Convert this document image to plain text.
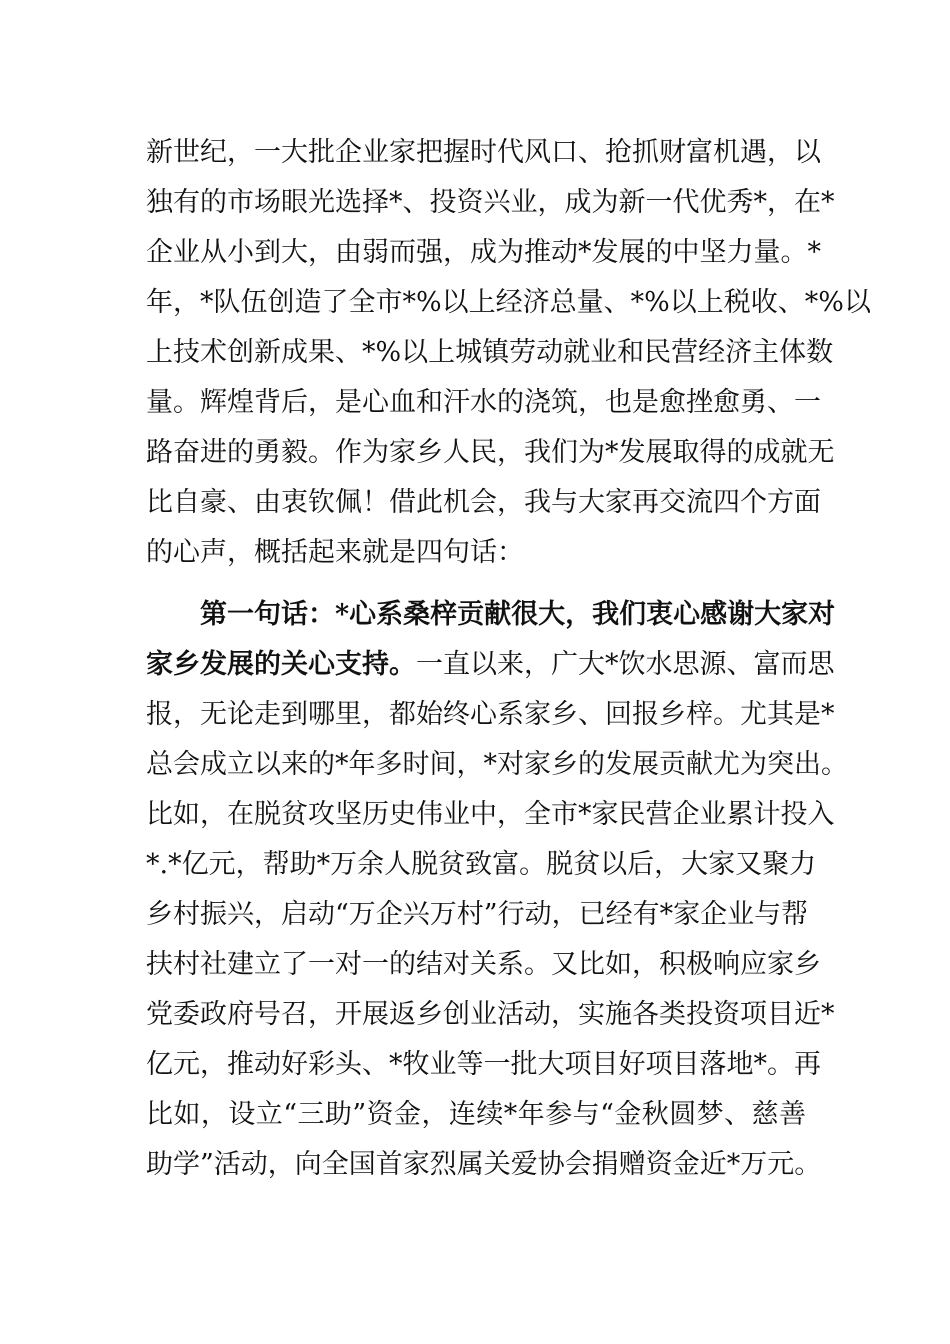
新世纪，一大批企业家把握时代风口、抢抓财富机遇，以
独有的市场眼光选择*、投资兴业，成为新一代优秀*，在*
企业从小到大，由弱而强，成为推动*发展的中坚力量。*
年，*队伍创造了全市*%以上经济总量、*%以上税收、*%以
上技术创新成果、*%以上城镇劳动就业和民营经济主体数
量。辉煌背后，是心血和汗水的浇筑，也是愈挫愈勇、一
路奋进的勇毅。作为家乡人民，我们为*发展取得的成就无
比自豪、由衷钦佩！借此机会，我与大家再交流四个方面
的心声，概括起来就是四句话：
　　第一句话：*心系桑梓贡献很大，我们衷心感谢大家对
家乡发展的关心支持。一直以来，广大*饮水思源、富而思
报，无论走到哪里，都始终心系家乡、回报乡梓。尤其是*
总会成立以来的*年多时间，*对家乡的发展贡献尤为突出。
比如，在脱贫攻坚历史伟业中，全市*家民营企业累计投入
*.*亿元，帮助*万余人脱贫致富。脱贫以后，大家又聚力
乡村振兴，启动“万企兴万村”行动，已经有*家企业与帮
扶村社建立了一对一的结对关系。又比如，积极响应家乡
党委政府号召，开展返乡创业活动，实施各类投资项目近*
亿元，推动好彩头、*牧业等一批大项目好项目落地*。再
比如，设立“三助”资金，连续*年参与“金秋圆梦、慈善
助学”活动，向全国首家烈属关爱协会捐赠资金近*万元。
